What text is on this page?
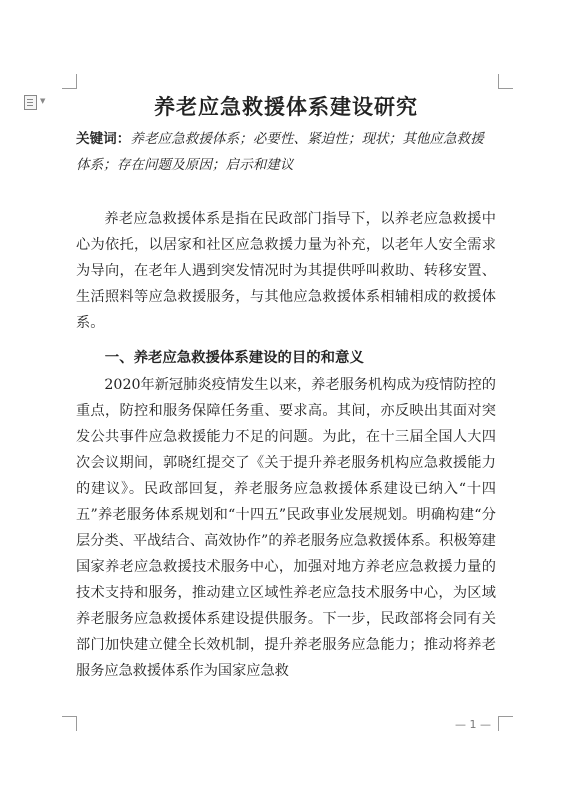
▼	养老应急救援体系建设研究
关键词：养老应急救援体系；必要性、紧迫性；现状；其他应急救援体系；存在问题及原因；启示和建议
养老应急救援体系是指在民政部门指导下，以养老应急救援中心为依托，以居家和社区应急救援力量为补充，以老年人安全需求为导向，在老年人遇到突发情况时为其提供呼叫救助、转移安置、生活照料等应急救援服务，与其他应急救援体系相辅相成的救援体系。
一、养老应急救援体系建设的目的和意义
2020年新冠肺炎疫情发生以来，养老服务机构成为疫情防控的重点，防控和服务保障任务重、要求高。其间，亦反映出其面对突发公共事件应急救援能力不足的问题。为此，在十三届全国人大四次会议期间，郭晓红提交了《关于提升养老服务机构应急救援能力的建议》。民政部回复，养老服务应急救援体系建设已纳入“十四五”养老服务体系规划和“十四五”民政事业发展规划。明确构建“分层分类、平战结合、高效协作”的养老服务应急救援体系。积极筹建国家养老应急救援技术服务中心，加强对地方养老应急救援力量的技术支持和服务，推动建立区域性养老应急技术服务中心，为区域养老服务应急救援体系建设提供服务。下一步，民政部将会同有关部门加快建立健全长效机制，提升养老服务应急能力；推动将养老服务应急救援体系作为国家应急救
— 1 —
